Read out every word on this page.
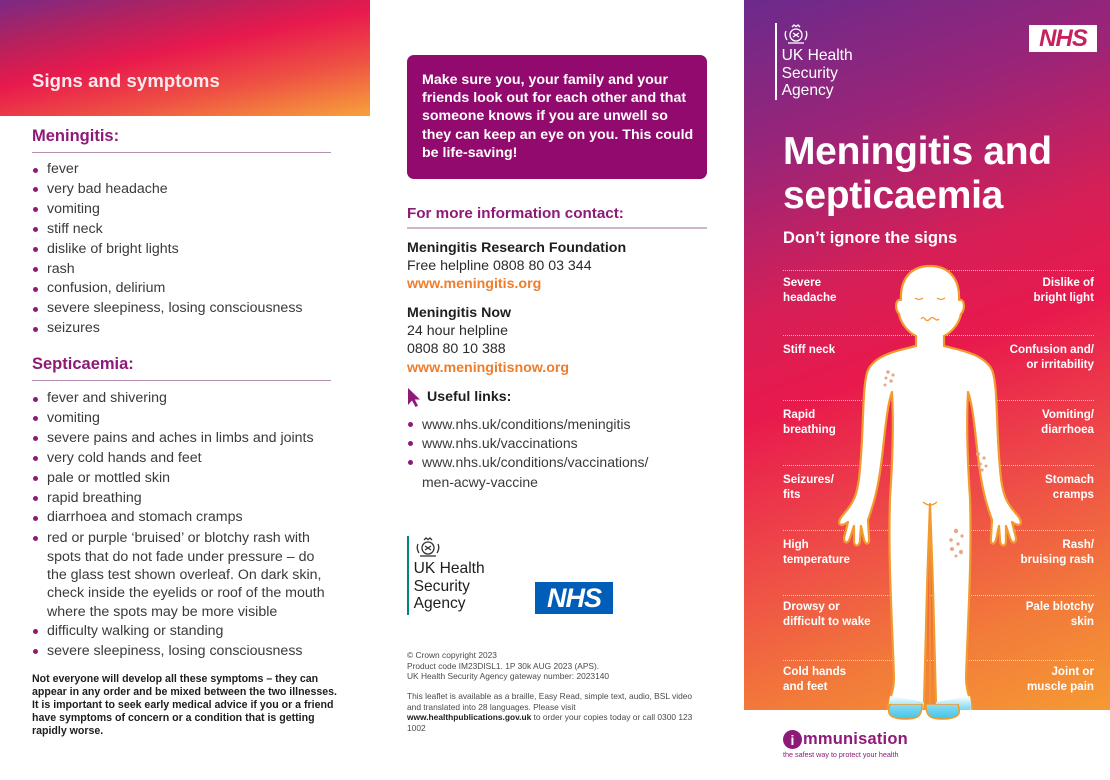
Signs and symptoms
Meningitis:
fever
very bad headache
vomiting
stiff neck
dislike of bright lights
rash
confusion, delirium
severe sleepiness, losing consciousness
seizures
Septicaemia:
fever and shivering
vomiting
severe pains and aches in limbs and joints
very cold hands and feet
pale or mottled skin
rapid breathing
diarrhoea and stomach cramps
red or purple ‘bruised’ or blotchy rash with spots that do not fade under pressure – do the glass test shown overleaf. On dark skin, check inside the eyelids or roof of the mouth where the spots may be more visible
difficulty walking or standing
severe sleepiness, losing consciousness

Not everyone will develop all these symptoms – they can appear in any order and be mixed between the two illnesses. It is important to seek early medical advice if you or a friend have symptoms of concern or a condition that is getting rapidly worse.

Make sure you, your family and your friends look out for each other and that someone knows if you are unwell so they can keep an eye on you. This could be life-saving!
For more information contact:
Meningitis Research Foundation
Free helpline 0808 80 03 344
www.meningitis.org
Meningitis Now
24 hour helpline
0808 80 10 388
www.meningitisnow.org
Useful links:
www.nhs.uk/conditions/meningitis
www.nhs.uk/vaccinations
www.nhs.uk/conditions/vaccinations/ men-acwy-vaccine
UK Health
Security
Agency	NHS
© Crown copyright 2023
Product code IM23DISL1. 1P 30k AUG 2023 (APS).
UK Health Security Agency gateway number: 2023140
This leaflet is available as a braille, Easy Read, simple text, audio, BSL video and translated into 28 languages. Please visit www.healthpublications.gov.uk to order your copies today or call 0300 123 1002
UK Health
Security
Agency
NHS
Meningitis and
septicaemia
Don’t ignore the signs
Severe
headache
Stiff neck
Rapid
breathing
Seizures/
fits
High
temperature
Drowsy or
difficult to wake
Cold hands
and feet
Dislike of
bright light
Confusion and/
or irritability
Vomiting/
diarrhoea
Stomach
cramps
Rash/
bruising rash
Pale blotchy
skin
Joint or
muscle pain
i mmunisation
the safest way to protect your health
